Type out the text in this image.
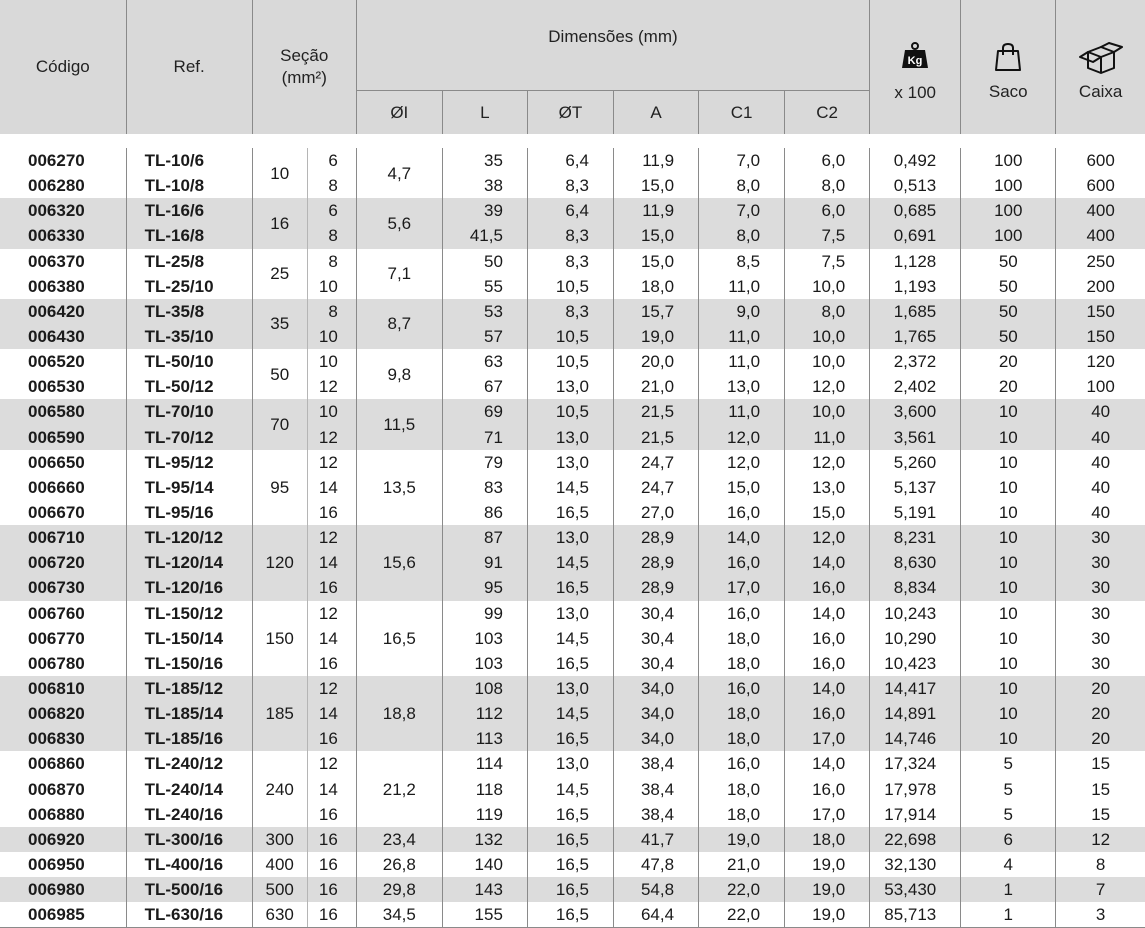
Código	Ref.	Seção
(mm²)		Dimensões (mm)						Kg
x 100	Saco	Caixa

				ØI	L	ØT	A	C1	C2			

006270	TL-10/6	10	6	4,7	35	6,4	11,9	7,0	6,0	0,492	100	600
006280	TL-10/8		8		38	8,3	15,0	8,0	8,0	0,513	100	600
006320	TL-16/6	16	6	5,6	39	6,4	11,9	7,0	6,0	0,685	100	400
006330	TL-16/8		8		41,5	8,3	15,0	8,0	7,5	0,691	100	400
006370	TL-25/8	25	8	7,1	50	8,3	15,0	8,5	7,5	1,128	50	250
006380	TL-25/10		10		55	10,5	18,0	11,0	10,0	1,193	50	200
006420	TL-35/8	35	8	8,7	53	8,3	15,7	9,0	8,0	1,685	50	150
006430	TL-35/10		10		57	10,5	19,0	11,0	10,0	1,765	50	150
006520	TL-50/10	50	10	9,8	63	10,5	20,0	11,0	10,0	2,372	20	120
006530	TL-50/12		12		67	13,0	21,0	13,0	12,0	2,402	20	100
006580	TL-70/10	70	10	11,5	69	10,5	21,5	11,0	10,0	3,600	10	40
006590	TL-70/12		12		71	13,0	21,5	12,0	11,0	3,561	10	40
006650	TL-95/12	95	12	13,5	79	13,0	24,7	12,0	12,0	5,260	10	40
006660	TL-95/14		14		83	14,5	24,7	15,0	13,0	5,137	10	40
006670	TL-95/16		16		86	16,5	27,0	16,0	15,0	5,191	10	40
006710	TL-120/12	120	12	15,6	87	13,0	28,9	14,0	12,0	8,231	10	30
006720	TL-120/14		14		91	14,5	28,9	16,0	14,0	8,630	10	30
006730	TL-120/16		16		95	16,5	28,9	17,0	16,0	8,834	10	30
006760	TL-150/12	150	12	16,5	99	13,0	30,4	16,0	14,0	10,243	10	30
006770	TL-150/14		14		103	14,5	30,4	18,0	16,0	10,290	10	30
006780	TL-150/16		16		103	16,5	30,4	18,0	16,0	10,423	10	30
006810	TL-185/12	185	12	18,8	108	13,0	34,0	16,0	14,0	14,417	10	20
006820	TL-185/14		14		112	14,5	34,0	18,0	16,0	14,891	10	20
006830	TL-185/16		16		113	16,5	34,0	18,0	17,0	14,746	10	20
006860	TL-240/12	240	12	21,2	114	13,0	38,4	16,0	14,0	17,324	5	15
006870	TL-240/14		14		118	14,5	38,4	18,0	16,0	17,978	5	15
006880	TL-240/16		16		119	16,5	38,4	18,0	17,0	17,914	5	15
006920	TL-300/16	300	16	23,4	132	16,5	41,7	19,0	18,0	22,698	6	12
006950	TL-400/16	400	16	26,8	140	16,5	47,8	21,0	19,0	32,130	4	8
006980	TL-500/16	500	16	29,8	143	16,5	54,8	22,0	19,0	53,430	1	7
006985	TL-630/16	630	16	34,5	155	16,5	64,4	22,0	19,0	85,713	1	3
